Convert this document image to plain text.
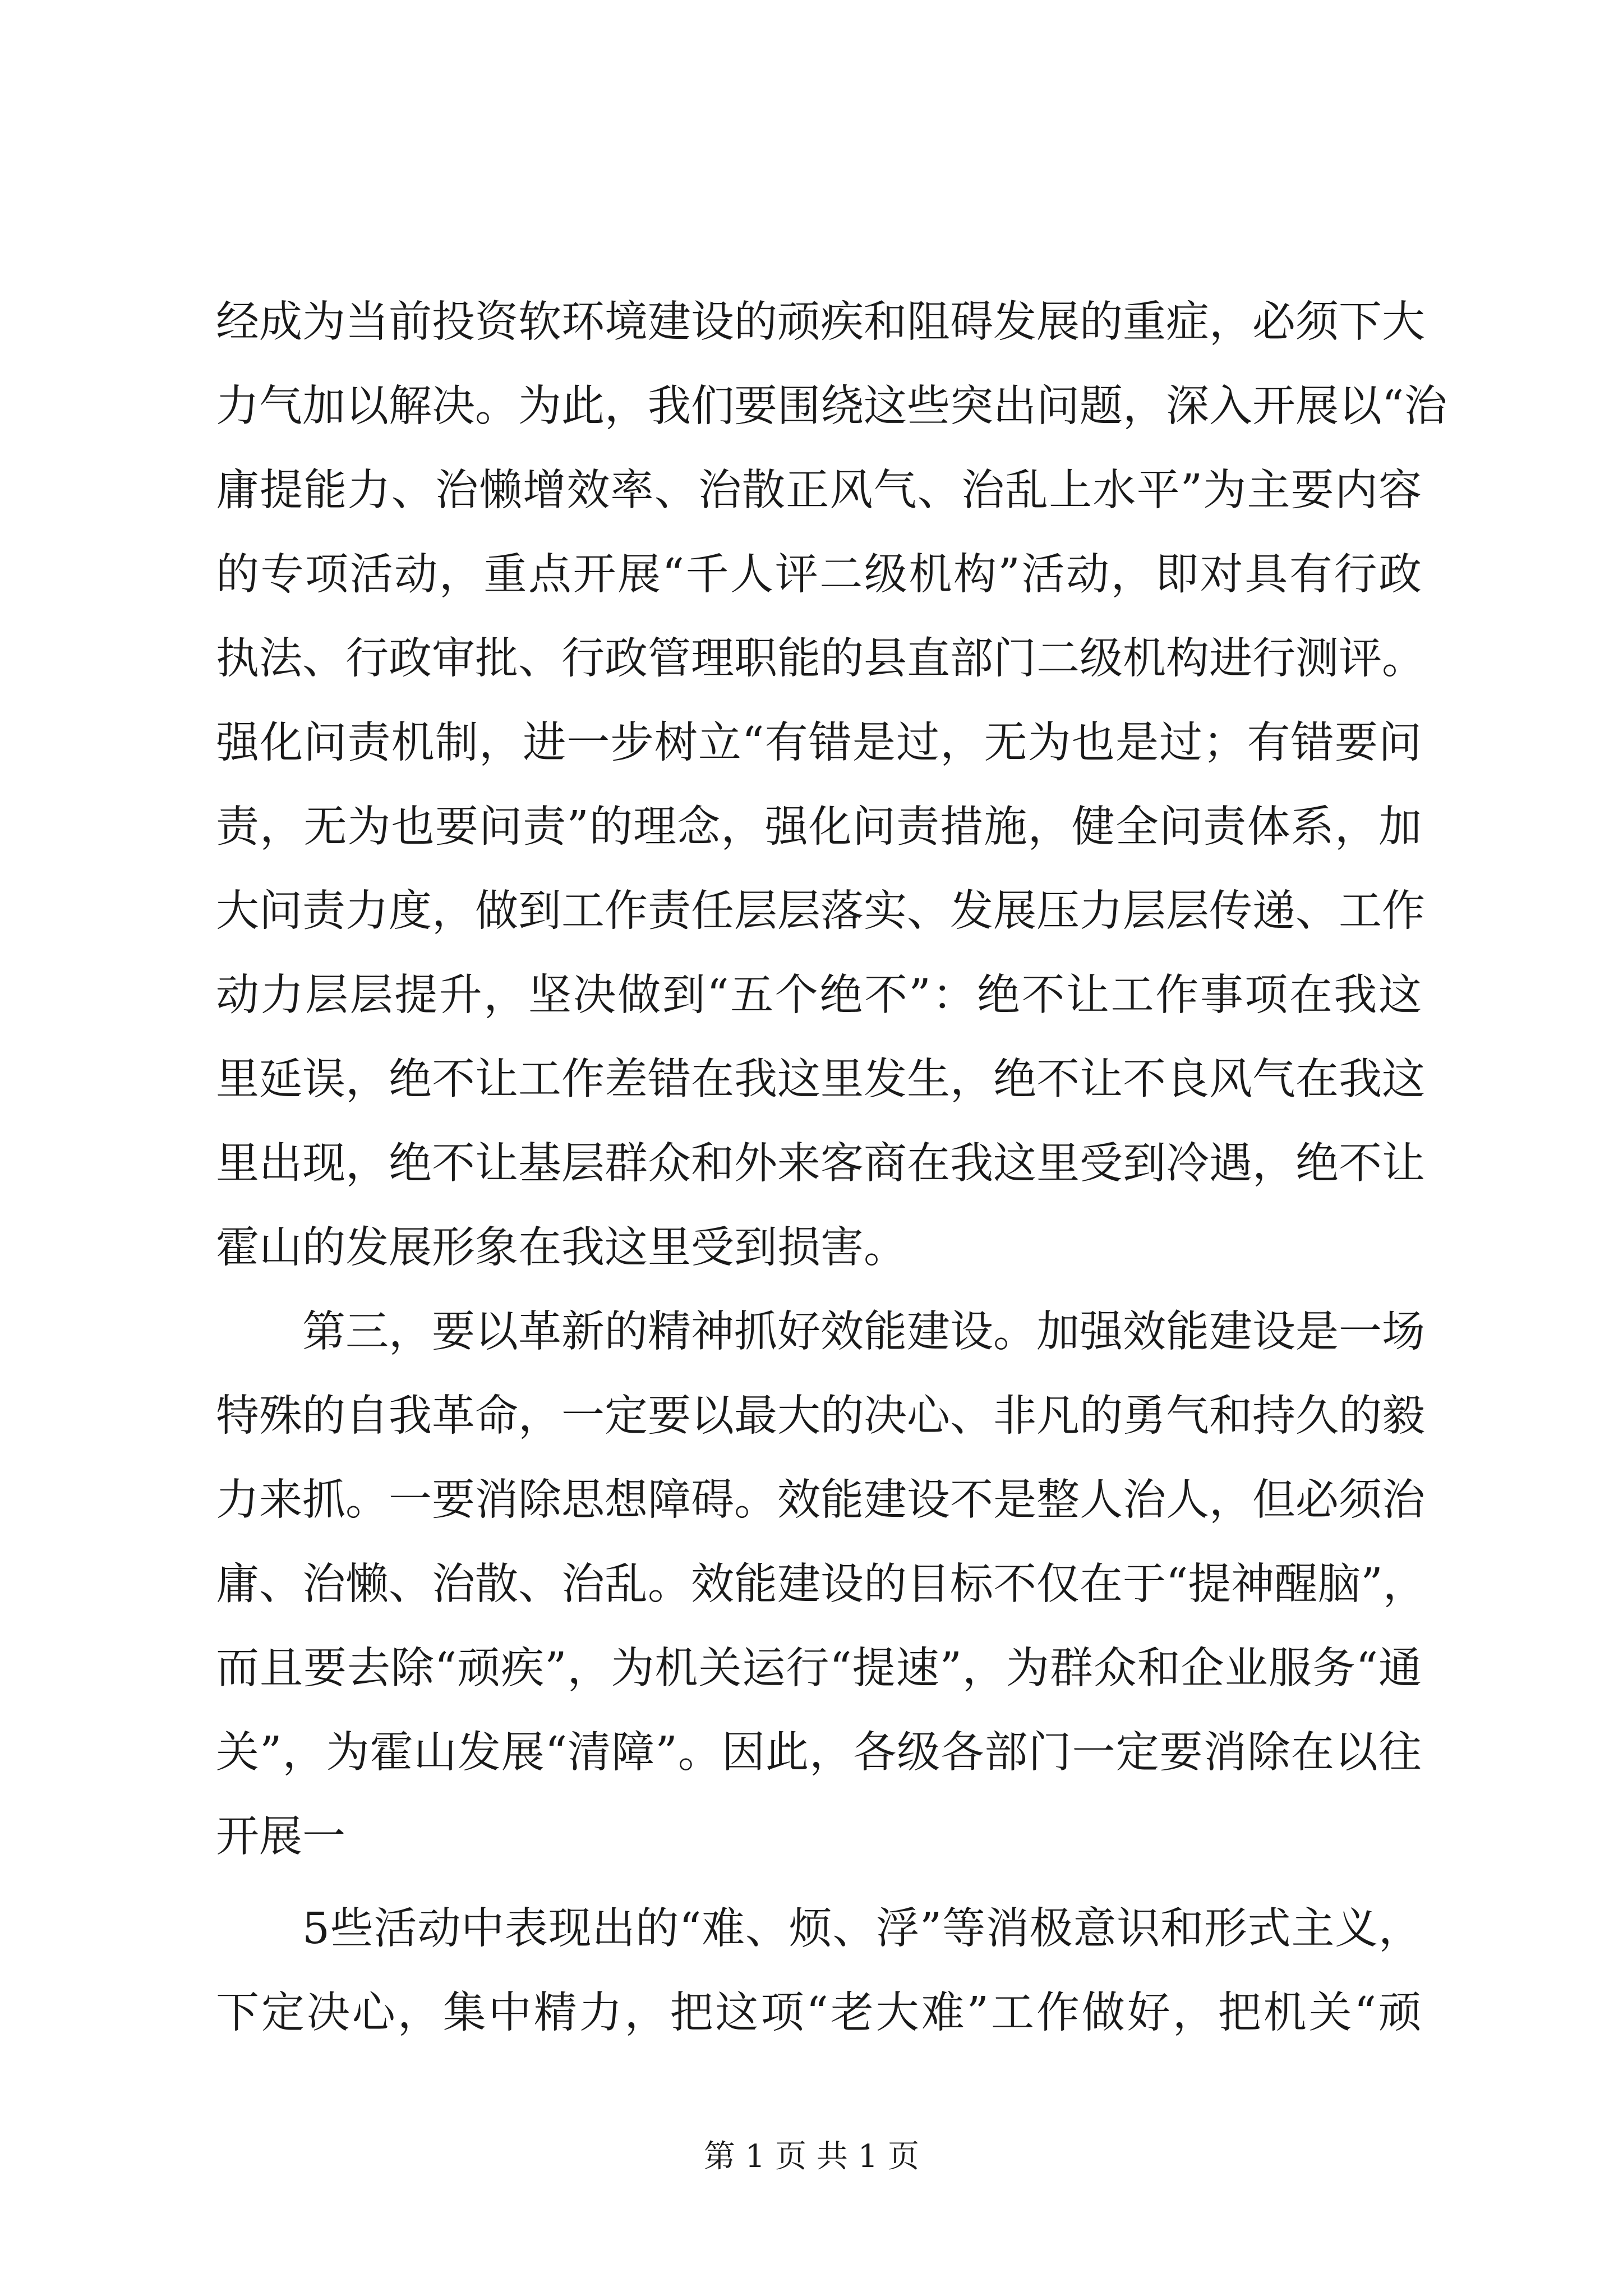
经成为当前投资软环境建设的顽疾和阻碍发展的重症，必须下大
力气加以解决。为此，我们要围绕这些突出问题，深入开展以“治
庸提能力、治懒增效率、治散正风气、治乱上水平”为主要内容
的专项活动，重点开展“千人评二级机构”活动，即对具有行政
执法、行政审批、行政管理职能的县直部门二级机构进行测评。
强化问责机制，进一步树立“有错是过，无为也是过；有错要问
责，无为也要问责”的理念，强化问责措施，健全问责体系，加
大问责力度，做到工作责任层层落实、发展压力层层传递、工作
动力层层提升，坚决做到“五个绝不”：绝不让工作事项在我这
里延误，绝不让工作差错在我这里发生，绝不让不良风气在我这
里出现，绝不让基层群众和外来客商在我这里受到冷遇，绝不让
霍山的发展形象在我这里受到损害。
第三，要以革新的精神抓好效能建设。加强效能建设是一场
特殊的自我革命，一定要以最大的决心、非凡的勇气和持久的毅
力来抓。一要消除思想障碍。效能建设不是整人治人，但必须治
庸、治懒、治散、治乱。效能建设的目标不仅在于“提神醒脑”，
而且要去除“顽疾”，为机关运行“提速”，为群众和企业服务“通
关”，为霍山发展“清障”。因此，各级各部门一定要消除在以往
开展一
5些活动中表现出的“难、烦、浮”等消极意识和形式主义，
下定决心，集中精力，把这项“老大难”工作做好，把机关“顽
第 1 页 共 1 页
